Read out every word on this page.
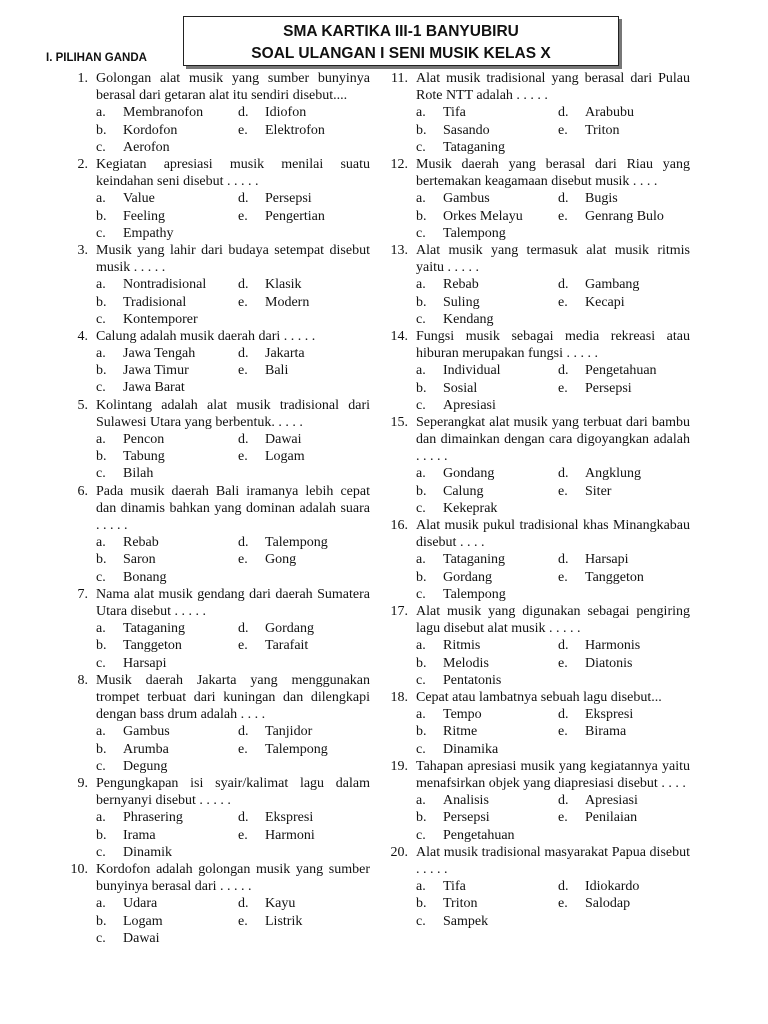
SMA KARTIKA III-1 BANYUBIRU
SOAL ULANGAN I SENI MUSIK KELAS X
I. PILIHAN GANDA
1. Golongan alat musik yang sumber bunyinya berasal dari getaran alat itu sendiri disebut....
a.	Membranofon d.	Idiofon
b.	Kordofon	e.	Elektrofon
c.	Aerofon
2. Kegiatan apresiasi musik menilai suatu keindahan seni disebut . . . . .
a.	Value	d.	Persepsi
b.	Feeling	e.	Pengertian
c.	Empathy
3. Musik yang lahir dari budaya setempat disebut musik . . . . .
a.	Nontradisional d.	Klasik
b.	Tradisional	e.	Modern
c.	Kontemporer
4. Calung adalah musik daerah dari . . . . .
a.	Jawa Tengah	d.	Jakarta
b.	Jawa Timur	e.	Bali
c.	Jawa Barat
5. Kolintang adalah alat musik tradisional dari Sulawesi Utara yang berbentuk. . . . .
a.	Pencon	d.	Dawai
b.	Tabung	e.	Logam
c.	Bilah
6. Pada musik daerah Bali iramanya lebih cepat dan dinamis bahkan yang dominan adalah suara . . . . .
a.	Rebab	d.	Talempong
b.	Saron	e.	Gong
c.	Bonang
7. Nama alat musik gendang dari daerah Sumatera Utara disebut . . . . .
a.	Tataganing	d.	Gordang
b.	Tanggeton	e.	Tarafait
c.	Harsapi
8. Musik daerah Jakarta yang menggunakan trompet terbuat dari kuningan dan dilengkapi dengan bass drum adalah . . . .
a.	Gambus	d.	Tanjidor
b.	Arumba	e.	Talempong
c.	Degung
9. Pengungkapan isi syair/kalimat lagu dalam bernyanyi disebut . . . . .
a.	Phrasering	d.	Ekspresi
b.	Irama	e.	Harmoni
c.	Dinamik
10. Kordofon adalah golongan musik yang sumber bunyinya berasal dari . . . . .
a.	Udara	d.	Kayu
b.	Logam	e.	Listrik
c.	Dawai
11. Alat musik tradisional yang berasal dari Pulau Rote NTT adalah . . . . .
a.	Tifa	d.	Arabubu
b.	Sasando	e.	Triton
c.	Tataganing
12. Musik daerah yang berasal dari Riau yang bertemakan keagamaan disebut musik . . . .
a.	Gambus	d.	Bugis
b.	Orkes Melayu	e.	Genrang Bulo
c.	Talempong
13. Alat musik yang termasuk alat musik ritmis yaitu . . . . .
a.	Rebab	d.	Gambang
b.	Suling	e.	Kecapi
c.	Kendang
14. Fungsi musik sebagai media rekreasi atau hiburan merupakan fungsi . . . . .
a.	Individual	d.	Pengetahuan
b.	Sosial	e.	Persepsi
c.	Apresiasi
15. Seperangkat alat musik yang terbuat dari bambu dan dimainkan dengan cara digoyangkan adalah . . . . .
a.	Gondang	d.	Angklung
b.	Calung	e.	Siter
c.	Kekeprak
16. Alat musik pukul tradisional khas Minangkabau disebut . . . .
a.	Tataganing	d.	Harsapi
b.	Gordang	e.	Tanggeton
c.	Talempong
17. Alat musik yang digunakan sebagai pengiring lagu disebut alat musik . . . . .
a.	Ritmis	d.	Harmonis
b.	Melodis	e.	Diatonis
c.	Pentatonis
18. Cepat atau lambatnya sebuah lagu disebut...
a.	Tempo	d.	Ekspresi
b.	Ritme	e.	Birama
c.	Dinamika
19. Tahapan apresiasi musik yang kegiatannya yaitu menafsirkan objek yang diapresiasi disebut . . . .
a.	Analisis	d.	Apresiasi
b.	Persepsi	e.	Penilaian
c.	Pengetahuan
20. Alat musik tradisional masyarakat Papua disebut . . . . .
a.	Tifa	d.	Idiokardo
b.	Triton	e.	Salodap
c.	Sampek
